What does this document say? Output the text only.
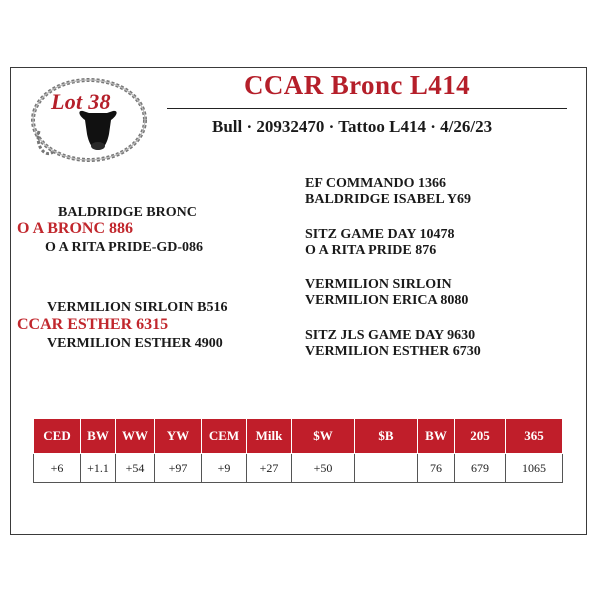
Lot 38
CCAR Bronc L414
Bull · 20932470 · Tattoo L414 · 4/26/23
BALDRIDGE BRONC
O A BRONC 886
O A RITA PRIDE-GD-086
VERMILION SIRLOIN B516
CCAR ESTHER 6315
VERMILION ESTHER 4900
EF COMMANDO 1366
BALDRIDGE ISABEL Y69
SITZ GAME DAY 10478
O A RITA PRIDE 876
VERMILION SIRLOIN
VERMILION ERICA 8080
SITZ JLS GAME DAY 9630
VERMILION ESTHER 6730
CED	BW	WW	YW	CEM	Milk	$W	$B	BW	205	365
+6	+1.1	+54	+97	+9	+27	+50		76	679	1065
